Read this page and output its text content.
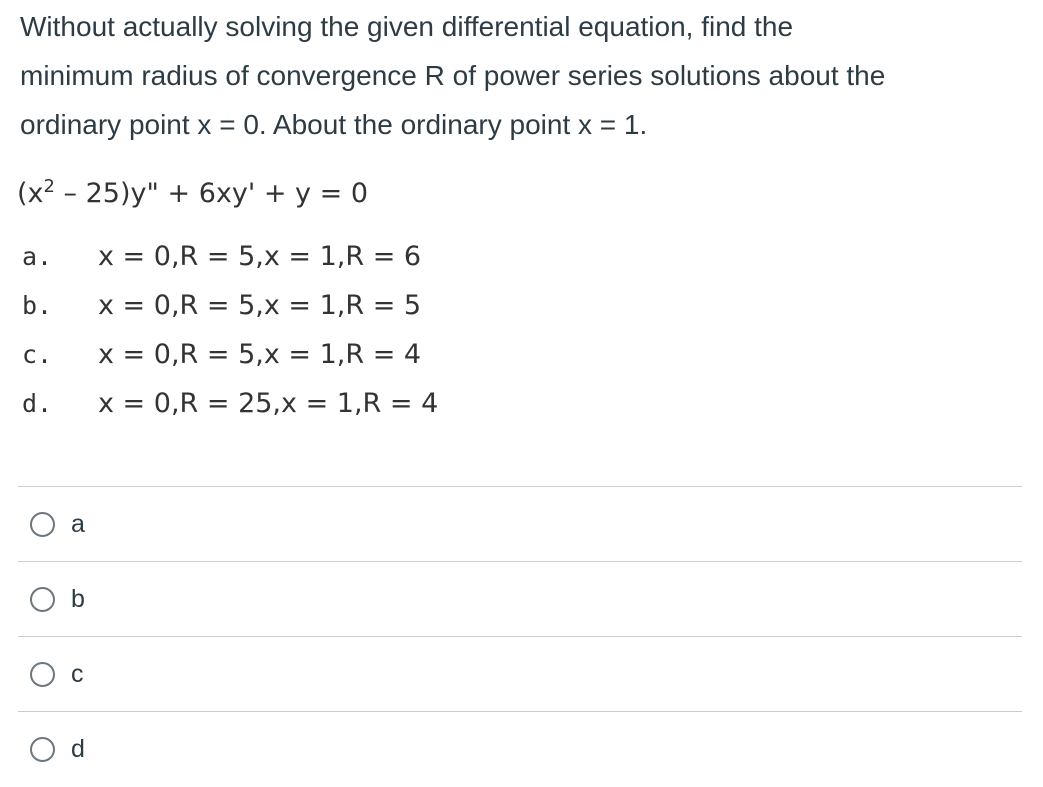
Without actually solving the given differential equation, find the
minimum radius of convergence R of power series solutions about the
ordinary point x = 0. About the ordinary point x = 1.
$(x^2 - 25)y$" + 6xy' + y = 0
a.	x = 0,R = 5,x = 1,R = 6
b.	x = 0,R = 5,x = 1,R = 5
c.	x = 0,R = 5,x = 1,R = 4
d.	x = 0,R = 25,x = 1,R = 4
a
b
c
d
